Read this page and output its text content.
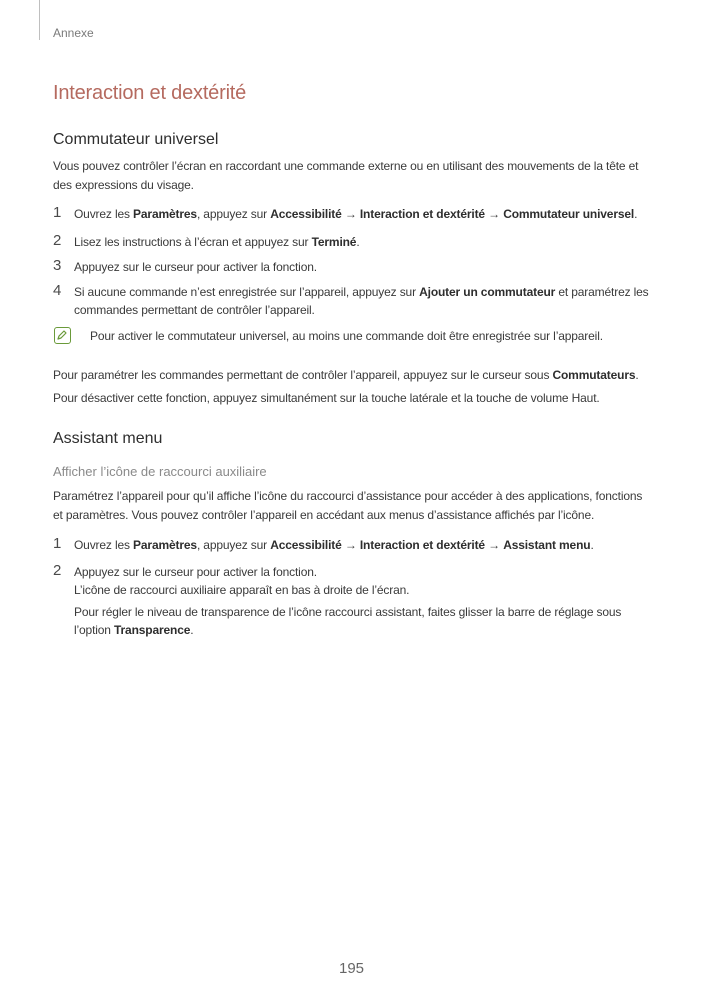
Annexe
Interaction et dextérité
Commutateur universel

Vous pouvez contrôler l’écran en raccordant une commande externe ou en utilisant des mouvements de la tête et des expressions du visage.

1 Ouvrez les Paramètres, appuyez sur Accessibilité → Interaction et dextérité → Commutateur universel.
2 Lisez les instructions à l’écran et appuyez sur Terminé.
3 Appuyez sur le curseur pour activer la fonction.
4 Si aucune commande n’est enregistrée sur l’appareil, appuyez sur Ajouter un commutateur et paramétrez les commandes permettant de contrôler l’appareil.
Pour activer le commutateur universel, au moins une commande doit être enregistrée sur l’appareil.

Pour paramétrer les commandes permettant de contrôler l’appareil, appuyez sur le curseur sous Commutateurs.

Pour désactiver cette fonction, appuyez simultanément sur la touche latérale et la touche de volume Haut.

Assistant menu
Afficher l’icône de raccourci auxiliaire

Paramétrez l’appareil pour qu’il affiche l’icône du raccourci d’assistance pour accéder à des applications, fonctions et paramètres. Vous pouvez contrôler l’appareil en accédant aux menus d’assistance affichés par l’icône.

1 Ouvrez les Paramètres, appuyez sur Accessibilité → Interaction et dextérité → Assistant menu.
2 Appuyez sur le curseur pour activer la fonction.
L’icône de raccourci auxiliaire apparaît en bas à droite de l’écran.
Pour régler le niveau de transparence de l’icône raccourci assistant, faites glisser la barre de réglage sous l’option Transparence.
195
